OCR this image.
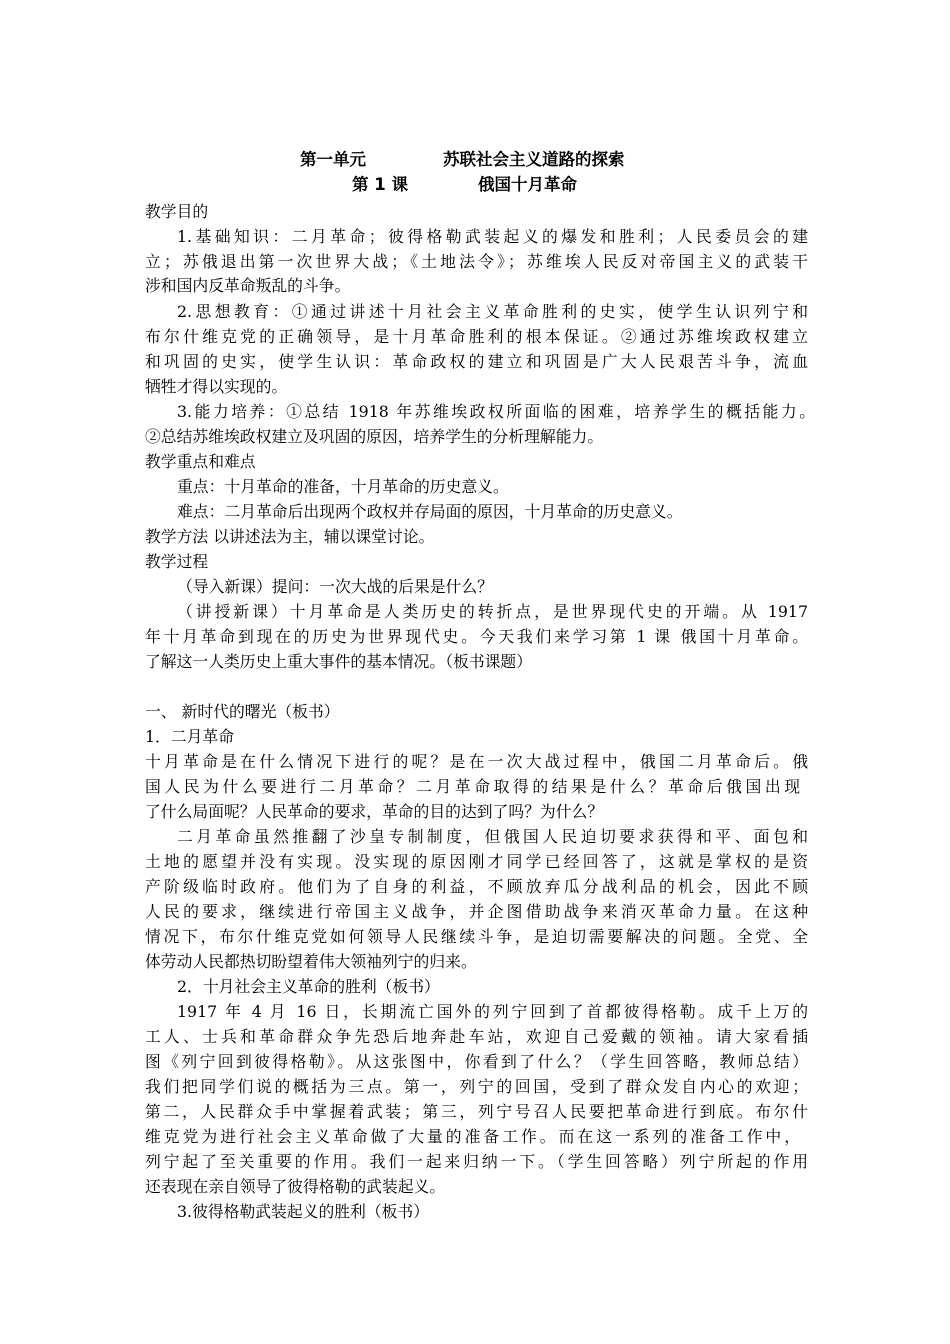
第一单元	苏联社会主义道路的探索
第 1 课	俄国十月革命
教学目的
1.基础知识：二月革命；彼得格勒武装起义的爆发和胜利；人民委员会的建
立；苏俄退出第一次世界大战；《土地法令》；苏维埃人民反对帝国主义的武装干
涉和国内反革命叛乱的斗争。
2.思想教育：①通过讲述十月社会主义革命胜利的史实，使学生认识列宁和
布尔什维克党的正确领导，是十月革命胜利的根本保证。②通过苏维埃政权建立
和巩固的史实，使学生认识：革命政权的建立和巩固是广大人民艰苦斗争，流血
牺牲才得以实现的。
3.能力培养：①总结 1918 年苏维埃政权所面临的困难，培养学生的概括能力。
②总结苏维埃政权建立及巩固的原因，培养学生的分析理解能力。
教学重点和难点
重点：十月革命的准备，十月革命的历史意义。
难点：二月革命后出现两个政权并存局面的原因，十月革命的历史意义。
教学方法 以讲述法为主，辅以课堂讨论。
教学过程
（导入新课）提问：一次大战的后果是什么？
（讲授新课）十月革命是人类历史的转折点，是世界现代史的开端。从 1917
年十月革命到现在的历史为世界现代史。今天我们来学习第 1 课 俄国十月革命。
了解这一人类历史上重大事件的基本情况。（板书课题）
一、 新时代的曙光（板书）
1．二月革命
十月革命是在什么情况下进行的呢？是在一次大战过程中，俄国二月革命后。俄
国人民为什么要进行二月革命？二月革命取得的结果是什么？革命后俄国出现
了什么局面呢？人民革命的要求，革命的目的达到了吗？为什么？
二月革命虽然推翻了沙皇专制制度，但俄国人民迫切要求获得和平、面包和
土地的愿望并没有实现。没实现的原因刚才同学已经回答了，这就是掌权的是资
产阶级临时政府。他们为了自身的利益，不顾放弃瓜分战利品的机会，因此不顾
人民的要求，继续进行帝国主义战争，并企图借助战争来消灭革命力量。在这种
情况下，布尔什维克党如何领导人民继续斗争，是迫切需要解决的问题。全党、全
体劳动人民都热切盼望着伟大领袖列宁的归来。
2．十月社会主义革命的胜利（板书）
1917 年 4 月 16 日，长期流亡国外的列宁回到了首都彼得格勒。成千上万的
工人、士兵和革命群众争先恐后地奔赴车站，欢迎自己爱戴的领袖。请大家看插
图《列宁回到彼得格勒》。从这张图中，你看到了什么？（学生回答略，教师总结）
我们把同学们说的概括为三点。第一，列宁的回国，受到了群众发自内心的欢迎；
第二，人民群众手中掌握着武装；第三，列宁号召人民要把革命进行到底。布尔什
维克党为进行社会主义革命做了大量的准备工作。而在这一系列的准备工作中，
列宁起了至关重要的作用。我们一起来归纳一下。（学生回答略）列宁所起的作用
还表现在亲自领导了彼得格勒的武装起义。
3.彼得格勒武装起义的胜利（板书）
